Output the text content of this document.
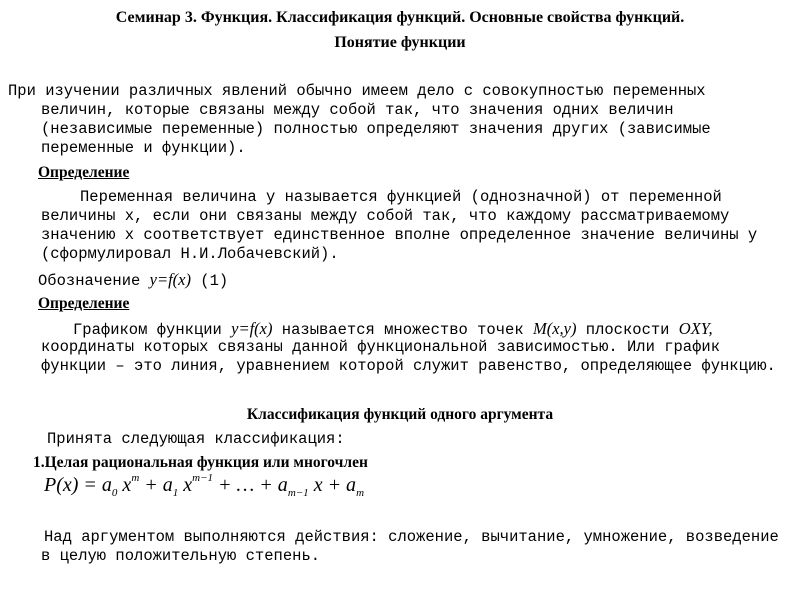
Семинар 3. Функция. Классификация функций. Основные свойства функций.
Понятие функции
При изучении различных явлений обычно имеем дело с совокупностью переменных
величин, которые связаны между собой так, что значения одних величин (независимые переменные) полностью определяют значения других (зависимые переменные и функции).
Определение
Переменная величина y называется функцией (однозначной) от переменной
величины x, если они связаны между собой так, что каждому рассматриваемому значению x соответствует единственное вполне определенное значение величины y (сформулировал Н.И.Лобачевский).
Обозначение y=f(x) (1)
Определение
Графиком функции y=f(x) называется множество точек M(x,y) плоскости OXY,
координаты которых связаны данной функциональной зависимостью. Или график функции – это линия, уравнением которой служит равенство, определяющее функцию.
Классификация функций одного аргумента
Принята следующая классификация:
1.Целая рациональная функция или многочлен
$P(x) = a_0$ $x^m + a_1$ $x^{m-1}$ + … + $a_{m-1}$ $x + a_m$
Над аргументом выполняются действия: сложение, вычитание, умножение, возведение
в целую положительную степень.
